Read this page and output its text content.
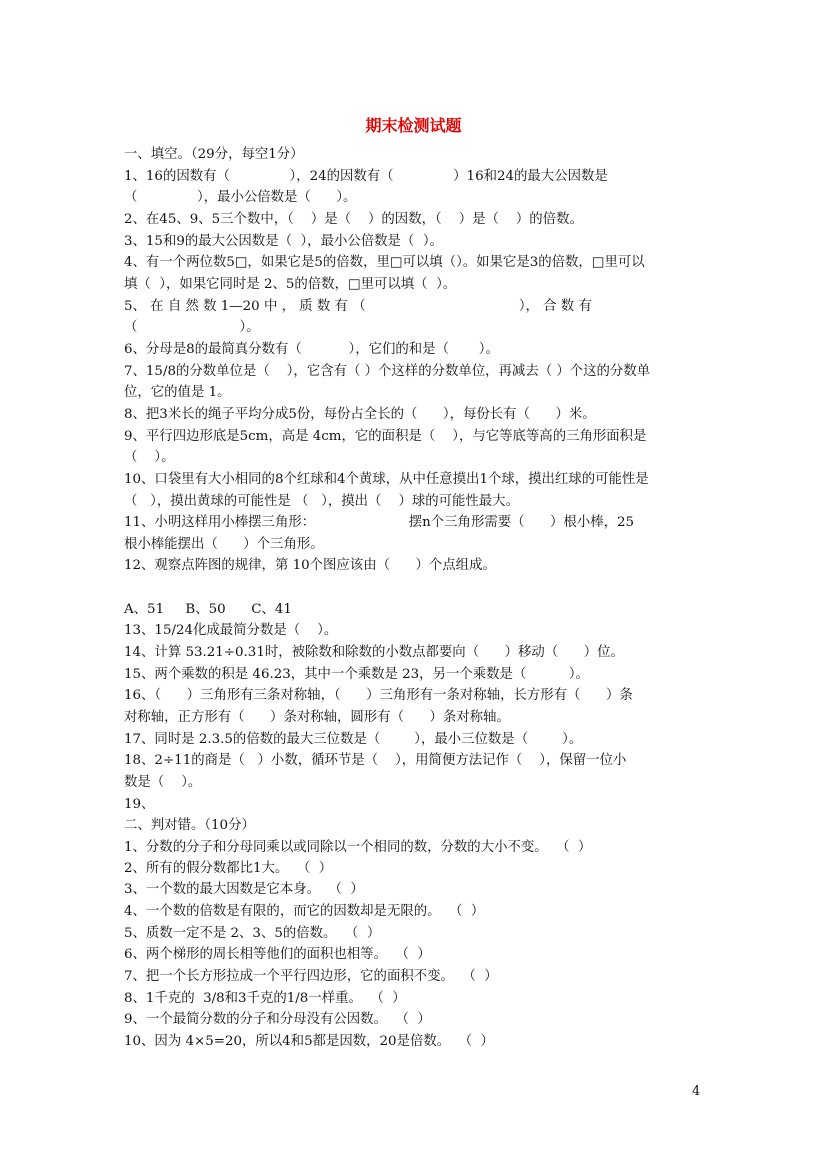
期末检测试题
一、填空。（29分，每空1分）
1、16的因数有（              ），24的因数有（              ）16和24的最大公因数是
（              ），最小公倍数是（      ）。
2、在45、9、5三个数中，（    ）是（    ）的因数，（    ）是（    ）的倍数。
3、15和9的最大公因数是（  ），最小公倍数是（  ）。
4、有一个两位数5□，如果它是5的倍数，里□可以填（）。如果它是3的倍数，□里可以
填（  ），如果它同时是 2、5的倍数，□里可以填（  ）。
5、 在 自 然 数 1—20 中 ， 质 数 有 （                                    ）， 合 数 有
（                        ）。
6、分母是8的最简真分数有（           ），它们的和是（       ）。
7、15/8的分数单位是（    ），它含有（ ）个这样的分数单位，再减去（ ）个这的分数单
位，它的值是 1。
8、把3米长的绳子平均分成5份，每份占全长的（      ），每份长有（      ）米。
9、平行四边形底是5cm，高是 4cm，它的面积是（    ），与它等底等高的三角形面积是
（    ）。
10、口袋里有大小相同的8个红球和4个黄球，从中任意摸出1个球，摸出红球的可能性是
（   ），摸出黄球的可能性是 （   ），摸出（    ）球的可能性最大。
11、小明这样用小棒摆三角形：                      摆n个三角形需要（      ）根小棒，25
根小棒能摆出（      ）个三角形。
12、观察点阵图的规律，第 10个图应该由（      ）个点组成。
A、51     B、50      C、41
13、15/24化成最简分数是（    ）。
14、计算 53.21÷0.31时，被除数和除数的小数点都要向（      ）移动（      ）位。
15、两个乘数的积是 46.23，其中一个乘数是 23，另一个乘数是（          ）。
16、（      ）三角形有三条对称轴，（      ）三角形有一条对称轴，长方形有（      ）条
对称轴，正方形有（      ）条对称轴，圆形有（      ）条对称轴。
17、同时是 2.3.5的倍数的最大三位数是（        ），最小三位数是（        ）。
18、2÷11的商是（   ）小数，循环节是（    ），用简便方法记作（    ），保留一位小
数是（    ）。
19、
二、判对错。（10分）
1、分数的分子和分母同乘以或同除以一个相同的数，分数的大小不变。  （  ）
2、所有的假分数都比1大。  （  ）
3、一个数的最大因数是它本身。  （  ）
4、一个数的倍数是有限的，而它的因数却是无限的。  （  ）
5、质数一定不是 2、3、5的倍数。  （  ）
6、两个梯形的周长相等他们的面积也相等。  （  ）
7、把一个长方形拉成一个平行四边形，它的面积不变。  （  ）
8、1千克的  3/8和3千克的1/8一样重。  （  ）
9、一个最简分数的分子和分母没有公因数。  （  ）
10、因为 4×5=20，所以4和5都是因数，20是倍数。  （  ）
4
